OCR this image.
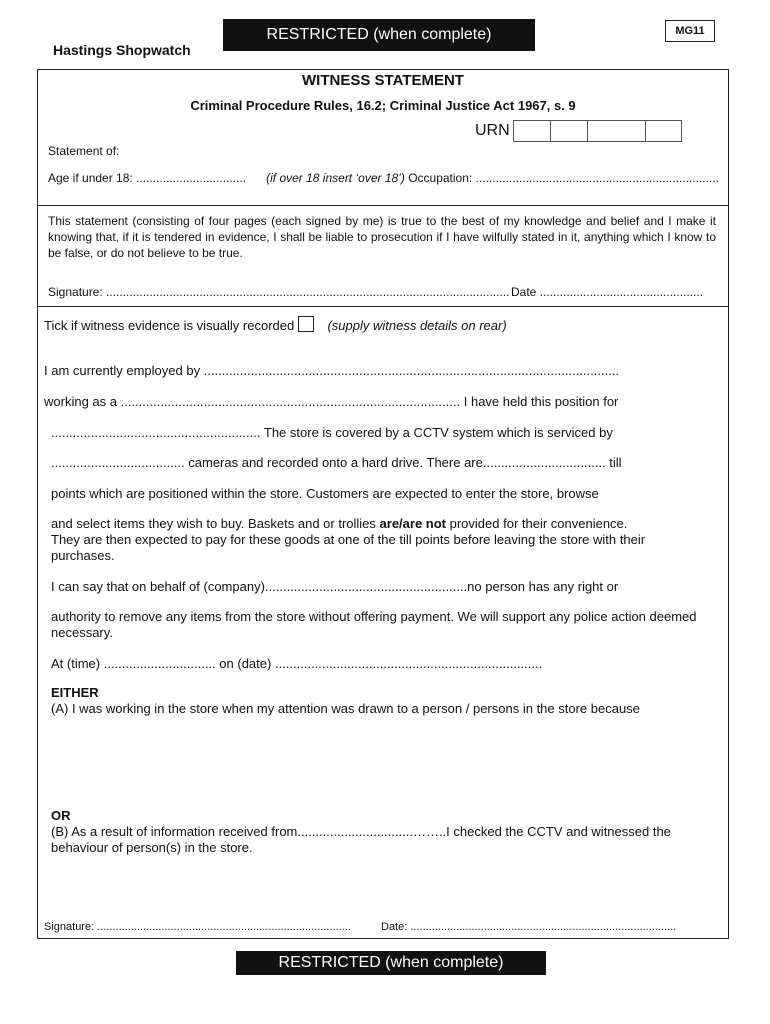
RESTRICTED (when complete)	MG11
Hastings Shopwatch
WITNESS STATEMENT
Criminal Procedure Rules, 16.2; Criminal Justice Act 1967, s. 9
URN
Statement of:
Age if under 18: ................................. (if over 18 insert ‘over 18’) Occupation: .........................................................................
This statement (consisting of four pages (each signed by me) is true to the best of my knowledge and belief and I make it knowing that, if it is tendered in evidence, I shall be liable to prosecution if I have wilfully stated in it, anything which I know to be false, or do not believe to be true.
Signature: ......................................................................................................................... Date .................................................
Tick if witness evidence is visually recorded	(supply witness details on rear)
I am currently employed by ...................................................................................................................
working as a .............................................................................................. I have held this position for
.......................................................... The store is covered by a CCTV system which is serviced by
..................................... cameras and recorded onto a hard drive. There are.................................. till
points which are positioned within the store. Customers are expected to enter the store, browse
and select items they wish to buy. Baskets and or trollies are/are not provided for their convenience.
They are then expected to pay for these goods at one of the till points before leaving the store with their purchases.
I can say that on behalf of (company)........................................................no person has any right or
authority to remove any items from the store without offering payment. We will support any police action deemed necessary.
At (time) ............................... on (date) ..........................................................................
EITHER
(A) I was working in the store when my attention was drawn to a person / persons in the store because
OR
(B) As a result of information received from................................……..I checked the CCTV and witnessed the behaviour of person(s) in the store.
Signature: ...................................................................................	Date: .......................................................................................
RESTRICTED (when complete)
